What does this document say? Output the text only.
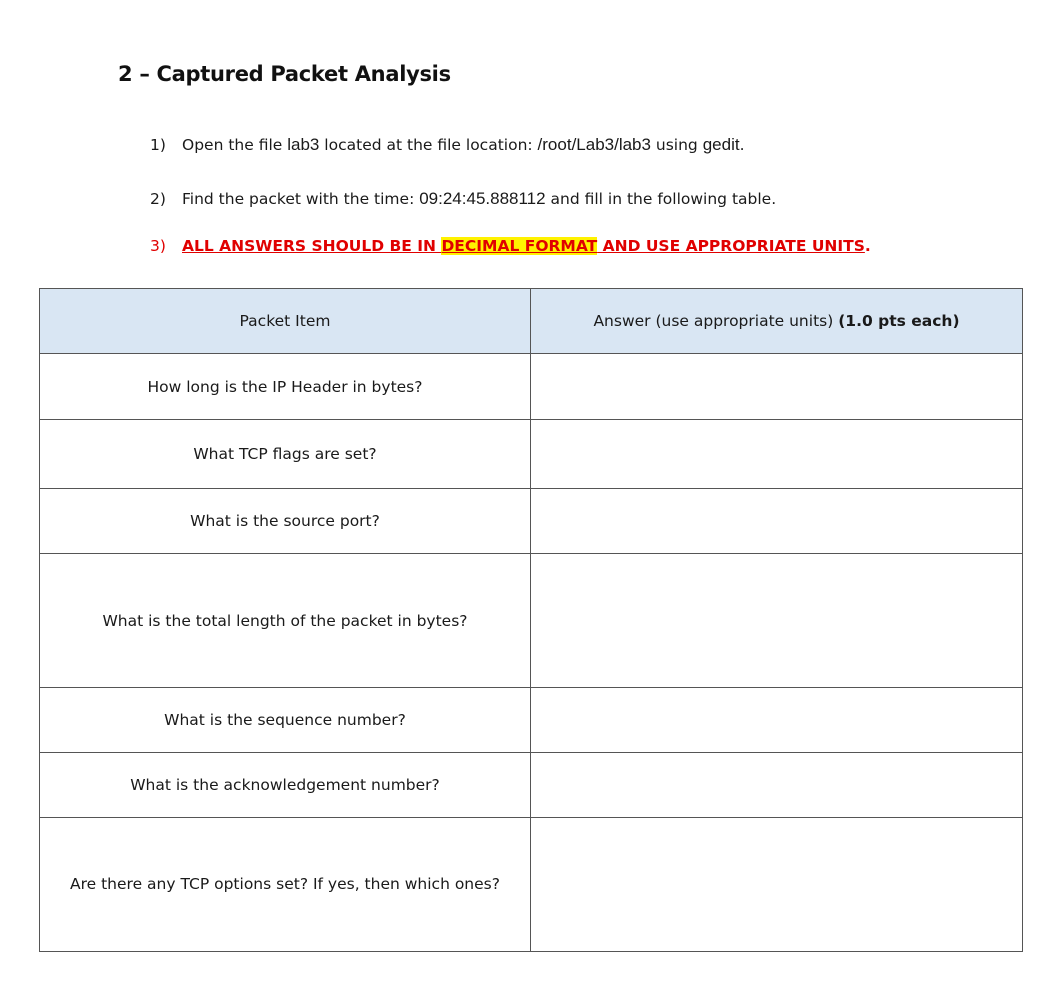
2 – Captured Packet Analysis
1) Open the file lab3 located at the file location: /root/Lab3/lab3 using gedit.
2) Find the packet with the time: 09:24:45.888112 and fill in the following table.
3) ALL ANSWERS SHOULD BE IN DECIMAL FORMAT AND USE APPROPRIATE UNITS.
Packet Item	Answer (use appropriate units) (1.0 pts each)
How long is the IP Header in bytes?	
What TCP flags are set?	
What is the source port?	
What is the total length of the packet in bytes?	
What is the sequence number?	
What is the acknowledgement number?	
Are there any TCP options set? If yes, then which ones?	
